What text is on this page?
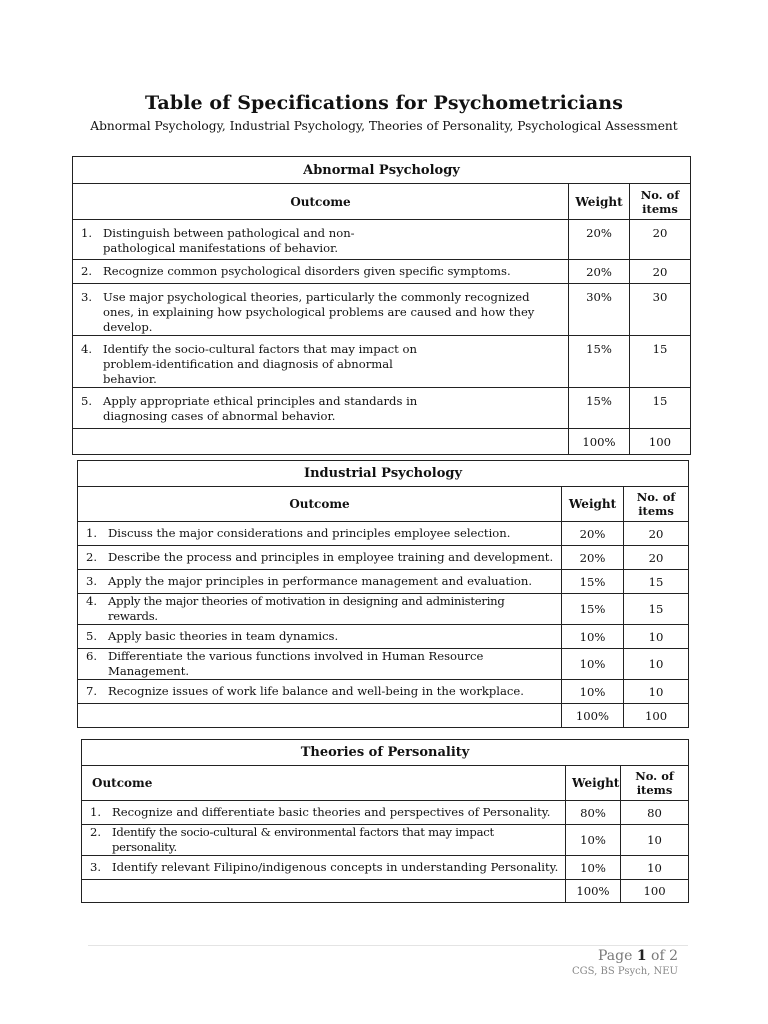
Table of Specifications for Psychometricians
Abnormal Psychology, Industrial Psychology, Theories of Personality, Psychological Assessment
Abnormal Psychology		
Outcome	Weight	No. of
items

1. Distinguish between pathological and non-pathological manifestations of behavior.	20%	20

2. Recognize common psychological disorders given specific symptoms.	20%	20

3. Use major psychological theories, particularly the commonly recognized ones, in explaining how psychological problems are caused and how they develop.	30%	30

4. Identify the socio-cultural factors that may impact on problem-identification and diagnosis of abnormal behavior.	15%	15

5. Apply appropriate ethical principles and standards in diagnosing cases of abnormal behavior.	15%	15
	100%	100
Industrial Psychology		
Outcome	Weight	No. of
items

1. Discuss the major considerations and principles employee selection.	20%	20

2. Describe the process and principles in employee training and development.	20%	20

3. Apply the major principles in performance management and evaluation.	15%	15

4. Apply the major theories of motivation in designing and administering rewards.	15%	15

5. Apply basic theories in team dynamics.	10%	10

6. Differentiate the various functions involved in Human Resource Management.	10%	10

7. Recognize issues of work life balance and well-being in the workplace.	10%	10
	100%	100
Theories of Personality		
Outcome	Weight	No. of
items

1. Recognize and differentiate basic theories and perspectives of Personality.	80%	80

2. Identify the socio-cultural & environmental factors that may impact personality.	10%	10

3. Identify relevant Filipino/indigenous concepts in understanding Personality.	10%	10
	100%	100
Page 1 of 2
CGS, BS Psych, NEU
